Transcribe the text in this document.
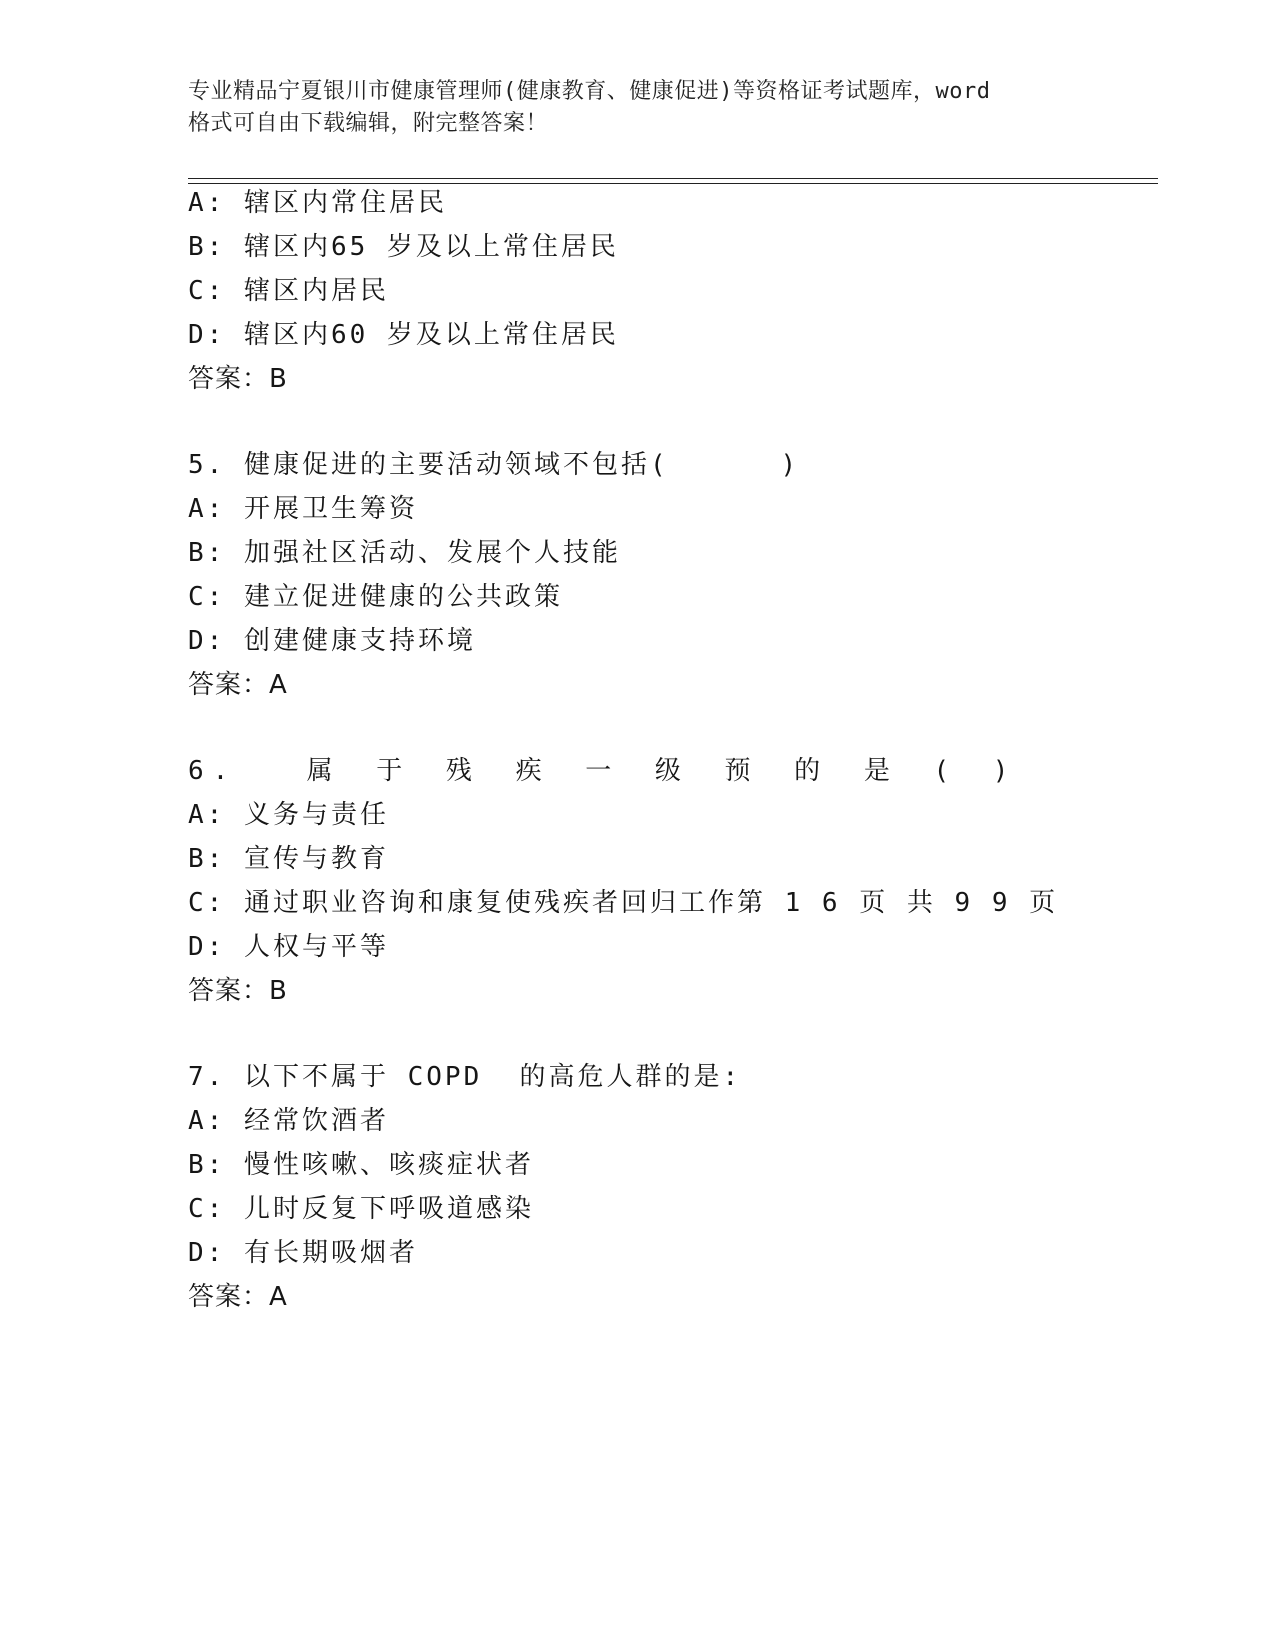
专业精品宁夏银川市健康管理师(健康教育、健康促进)等资格证考试题库，word
格式可自由下载编辑，附完整答案！
A: 辖区内常住居民
B: 辖区内65 岁及以上常住居民
C: 辖区内居民
D: 辖区内60 岁及以上常住居民
答案：B
5. 健康促进的主要活动领域不包括(      )
A: 开展卫生筹资
B: 加强社区活动、发展个人技能
C: 建立促进健康的公共政策
D: 创建健康支持环境
答案：A
6.  属 于 残 疾 一 级 预 的 是 ( )
A: 义务与责任
B: 宣传与教育
C: 通过职业咨询和康复使残疾者回归工作第 1 6 页 共 9 9 页
D: 人权与平等
答案：B
7. 以下不属于 COPD  的高危人群的是:
A: 经常饮酒者
B: 慢性咳嗽、咳痰症状者
C: 儿时反复下呼吸道感染
D: 有长期吸烟者
答案：A
